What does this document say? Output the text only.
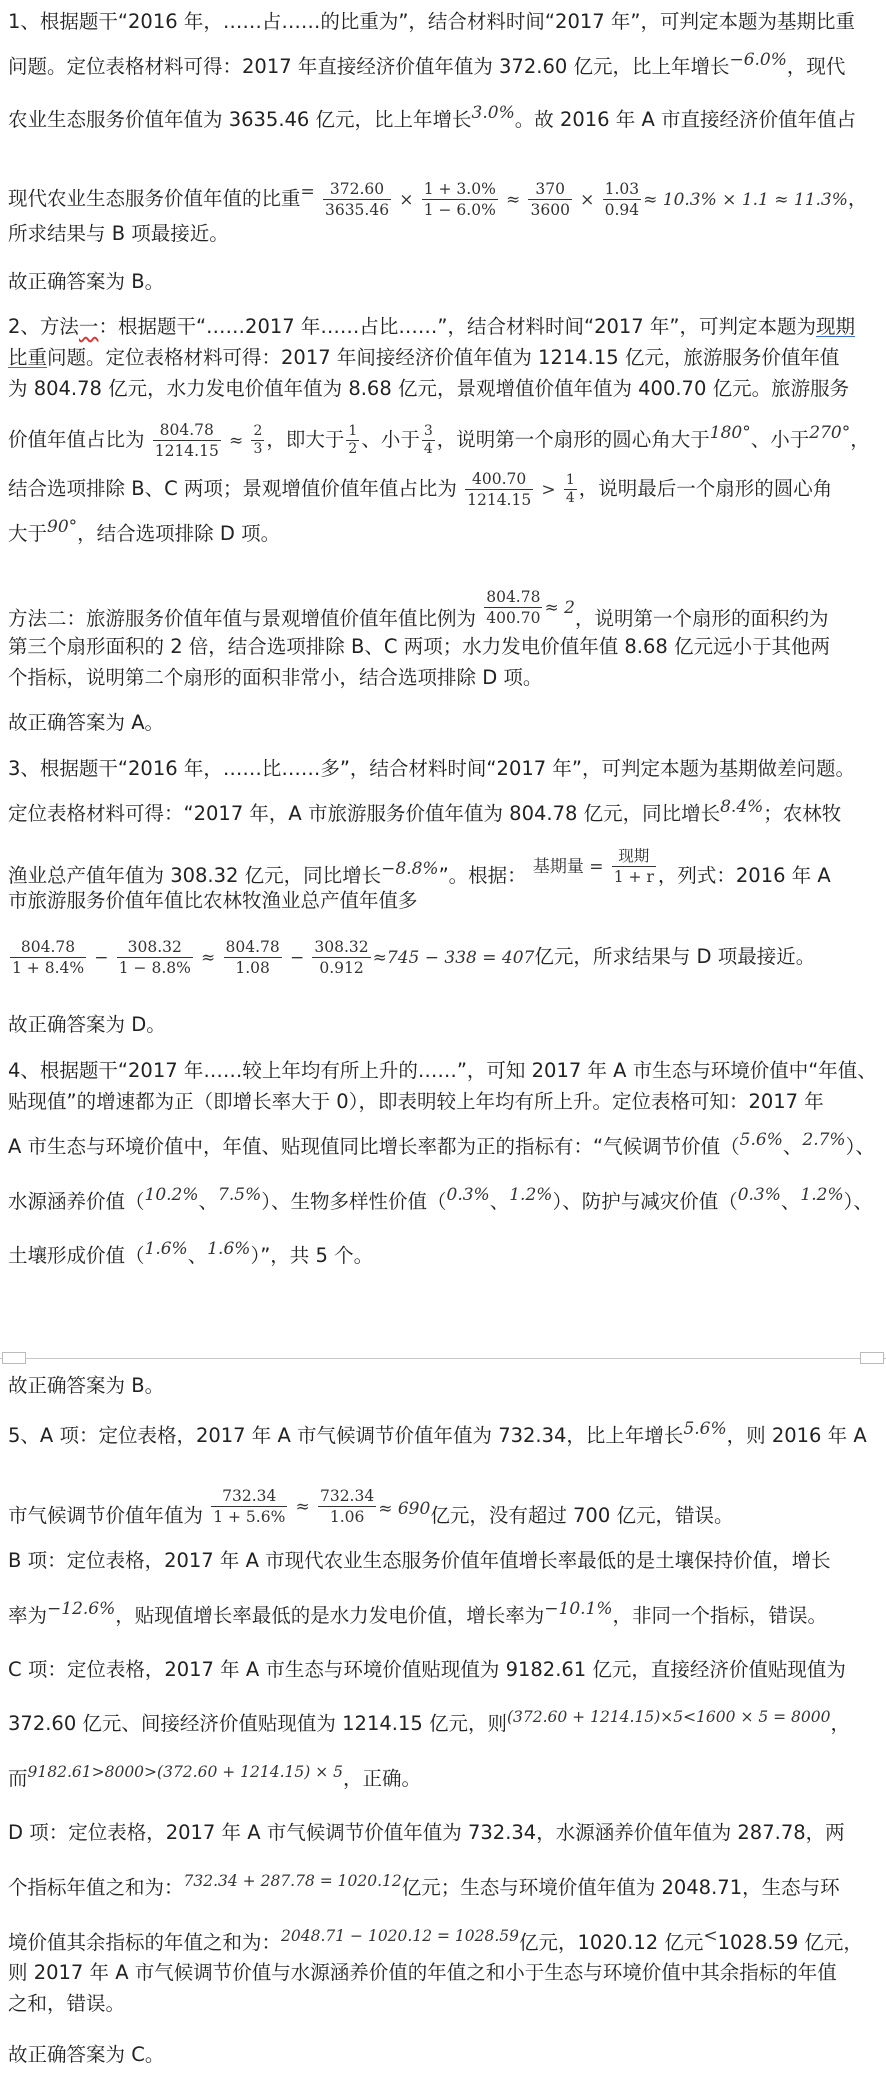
1、根据题干“2016 年，……占……的比重为”，结合材料时间“2017 年”，可判定本题为基期比重
问题。定位表格材料可得：2017 年直接经济价值年值为 372.60 亿元，比上年增长−6.0%，现代
农业生态服务价值年值为 3635.46 亿元，比上年增长3.0%。故 2016 年 A 市直接经济价值年值占
现代农业生态服务价值年值的比重= $\frac{372.60}{3635.46} \times \frac{1 + 3.0\%}{1 - 6.0\%} \approx \frac{370}{3600} \times \frac{1.03}{0.94} \approx 10.3\% \times 1.1 \approx 11.3\%$，
所求结果与 B 项最接近。
故正确答案为 B。
2、方法一：根据题干“……2017 年……占比……”，结合材料时间“2017 年”，可判定本题为现期
比重问题。定位表格材料可得：2017 年间接经济价值年值为 1214.15 亿元，旅游服务价值年值
为 804.78 亿元，水力发电价值年值为 8.68 亿元，景观增值价值年值为 400.70 亿元。旅游服务
价值年值占比为 $\frac{804.78}{1214.15} \approx \frac{2}{3}$ ，即大于 $\frac{1}{2}$ 、小于 $\frac{3}{4}$ ，说明第一个扇形的圆心角大于180°、小于270°，
结合选项排除 B、C 两项；景观增值价值年值占比为 $\frac{400.70}{1214.15} > \frac{1}{4}$ ，说明最后一个扇形的圆心角
大于90°，结合选项排除 D 项。
方法二：旅游服务价值年值与景观增值价值年值比例为 $\frac{804.78}{400.70} \approx 2$，说明第一个扇形的面积约为
第三个扇形面积的 2 倍，结合选项排除 B、C 两项；水力发电价值年值 8.68 亿元远小于其他两
个指标，说明第二个扇形的面积非常小，结合选项排除 D 项。
故正确答案为 A。
3、根据题干“2016 年，……比……多”，结合材料时间“2017 年”，可判定本题为基期做差问题。
定位表格材料可得：“2017 年，A 市旅游服务价值年值为 804.78 亿元，同比增长8.4%；农林牧
渔业总产值年值为 308.32 亿元，同比增长−8.8%”。根据： 基期量 = $\frac{\text{现期}}{1 + r}$ ，列式：2016 年 A
市旅游服务价值年值比农林牧渔业总产值年值多
$\frac{804.78}{1 + 8.4\%} - \frac{308.32}{1 - 8.8\%} \approx \frac{804.78}{1.08} - \frac{308.32}{0.912} \approx 745 - 338 = 407$亿元，所求结果与 D 项最接近。
故正确答案为 D。
4、根据题干“2017 年……较上年均有所上升的……”，可知 2017 年 A 市生态与环境价值中“年值、
贴现值”的增速都为正（即增长率大于 0），即表明较上年均有所上升。定位表格可知：2017 年
A 市生态与环境价值中，年值、贴现值同比增长率都为正的指标有：“气候调节价值（5.6%、2.7%）、
水源涵养价值（10.2%、7.5%）、生物多样性价值（0.3%、1.2%）、防护与减灾价值（0.3%、1.2%）、
土壤形成价值（1.6%、1.6%）”，共 5 个。
故正确答案为 B。
5、A 项：定位表格，2017 年 A 市气候调节价值年值为 732.34，比上年增长5.6%，则 2016 年 A
市气候调节价值年值为 $\frac{732.34}{1 + 5.6\%} \approx \frac{732.34}{1.06} \approx 690$亿元，没有超过 700 亿元，错误。
B 项：定位表格，2017 年 A 市现代农业生态服务价值年值增长率最低的是土壤保持价值，增长
率为−12.6%，贴现值增长率最低的是水力发电价值，增长率为−10.1%，非同一个指标，错误。
C 项：定位表格，2017 年 A 市生态与环境价值贴现值为 9182.61 亿元，直接经济价值贴现值为
372.60 亿元、间接经济价值贴现值为 1214.15 亿元，则$^{(372.60 + 1214.15)\times 5<1600 \times 5 = 8000}$，
而$^{9182.61>8000>(372.60 + 1214.15) \times 5}$，正确。
D 项：定位表格，2017 年 A 市气候调节价值年值为 732.34，水源涵养价值年值为 287.78，两
个指标年值之和为：$^{732.34 + 287.78 = 1020.12}$亿元；生态与环境价值年值为 2048.71，生态与环
境价值其余指标的年值之和为：$^{2048.71 - 1020.12 = 1028.59}$亿元，1020.12 亿元<1028.59 亿元，
则 2017 年 A 市气候调节价值与水源涵养价值的年值之和小于生态与环境价值中其余指标的年值
之和，错误。
故正确答案为 C。
